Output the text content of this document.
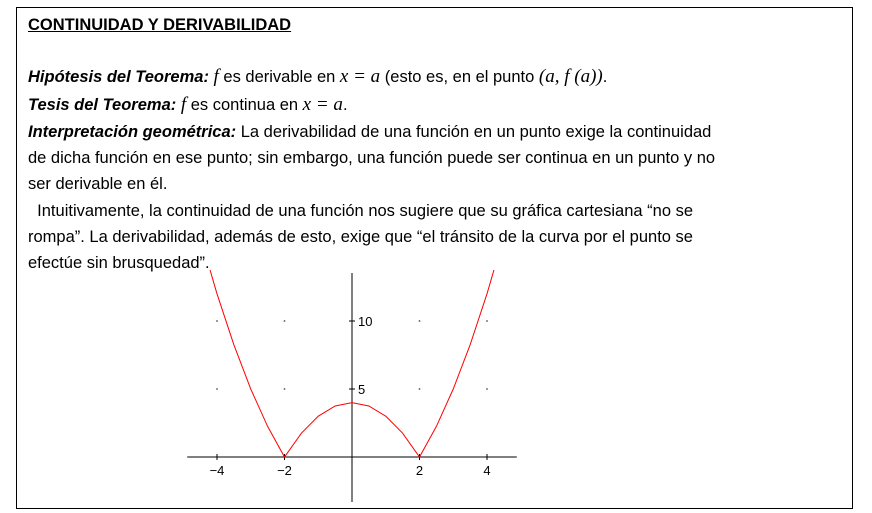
CONTINUIDAD Y DERIVABILIDAD
Hipótesis del Teorema: f es derivable en x = a (esto es, en el punto (a, f (a)).
Tesis del Teorema: f es continua en x = a.
Interpretación geométrica: La derivabilidad de una función en un punto exige la continuidad
de dicha función en ese punto; sin embargo, una función puede ser continua en un punto y no
ser derivable en él.
Intuitivamente, la continuidad de una función nos sugiere que su gráfica cartesiana “no se
rompa”. La derivabilidad, además de esto, exige que “el tránsito de la curva por el punto se
efectúe sin brusquedad”.
−4	−2	2	4
5
10
